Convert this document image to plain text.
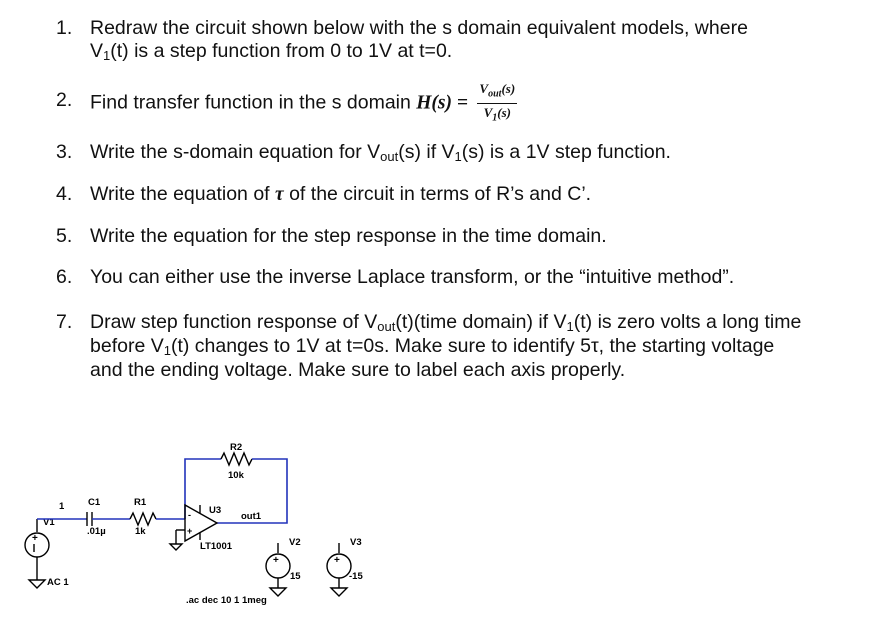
1. Redraw the circuit shown below with the s domain equivalent models, where
V1(t) is a step function from 0 to 1V at t=0.
2. Find transfer function in the s domain $H(s) = \frac{V_{out}(s)}{V_1(s)}$
3. Write the s-domain equation for Vout(s) if V1(s) is a 1V step function.
4. Write the equation of τ of the circuit in terms of R’s and C’.
5. Write the equation for the step response in the time domain.
6. You can either use the inverse Laplace transform, or the “intuitive method”.
7. Draw step function response of Vout(t)(time domain) if V1(t) is zero volts a long time
before V1(t) changes to 1V at t=0s. Make sure to identify 5τ, the starting voltage
and the ending voltage. Make sure to label each axis properly.
+
V1
AC 1
1 C1
.01µ
R1
1k
R2
10k
-
+
U3
LT1001
out1
+
V2
15
+
V3
-15
.ac dec 10 1 1meg
